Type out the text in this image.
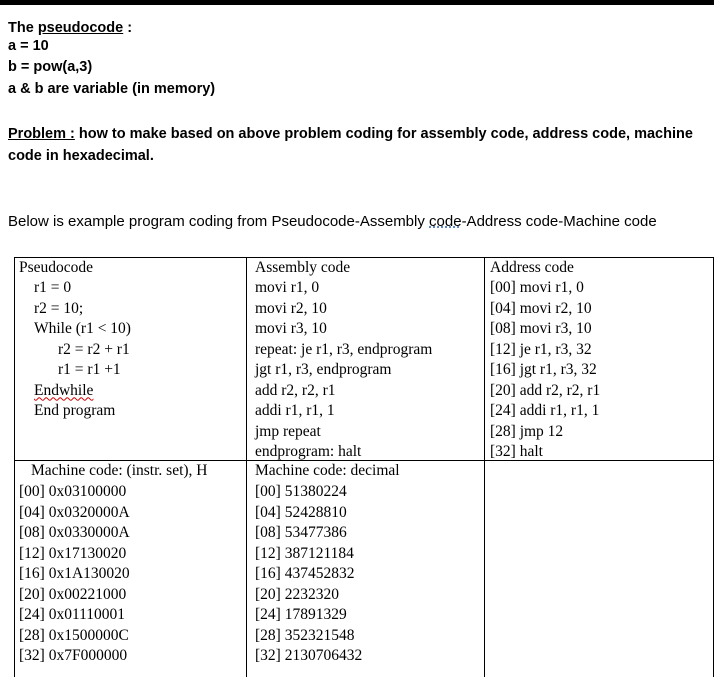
The pseudocode :
a = 10
b = pow(a,3)
a & b are variable (in memory)
Problem : how to make based on above problem coding for assembly code, address code, machine code in hexadecimal.
Below is example program coding from Pseudocode-Assembly code-Address code-Machine code
Pseudocode
r1 = 0
r2 = 10;
While (r1 < 10)
r2 = r2 + r1
r1 = r1 +1
Endwhile
End program
Assembly code
movi r1, 0
movi r2, 10
movi r3, 10
repeat: je r1, r3, endprogram
jgt r1, r3, endprogram
add r2, r2, r1
addi r1, r1, 1
jmp repeat
endprogram: halt
Address code
[00] movi r1, 0
[04] movi r2, 10
[08] movi r3, 10
[12] je r1, r3, 32
[16] jgt r1, r3, 32
[20] add r2, r2, r1
[24] addi r1, r1, 1
[28] jmp 12
[32] halt
Machine code: (instr. set), H
[00] 0x03100000
[04] 0x0320000A
[08] 0x0330000A
[12] 0x17130020
[16] 0x1A130020
[20] 0x00221000
[24] 0x01110001
[28] 0x1500000C
[32] 0x7F000000
Machine code: decimal
[00] 51380224
[04] 52428810
[08] 53477386
[12] 387121184
[16] 437452832
[20] 2232320
[24] 17891329
[28] 352321548
[32] 2130706432
